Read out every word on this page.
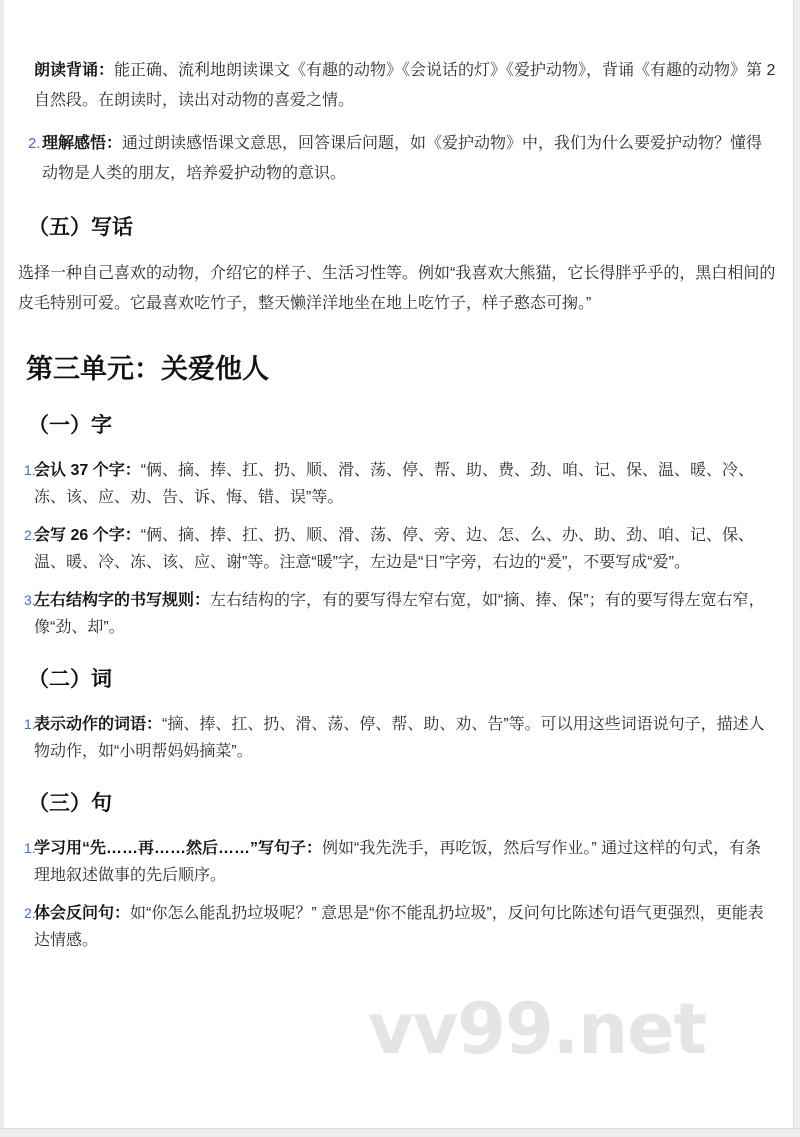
朗读背诵：能正确、流利地朗读课文《有趣的动物》《会说话的灯》《爱护动物》，背诵《有趣的动物》第 2 自然段。在朗读时，读出对动物的喜爱之情。

2. 理解感悟：通过朗读感悟课文意思，回答课后问题，如《爱护动物》中，我们为什么要爱护动物？懂得动物是人类的朋友，培养爱护动物的意识。

（五）写话

选择一种自己喜欢的动物，介绍它的样子、生活习性等。例如“我喜欢大熊猫，它长得胖乎乎的，黑白相间的皮毛特别可爱。它最喜欢吃竹子，整天懒洋洋地坐在地上吃竹子，样子憨态可掬。”

第三单元：关爱他人
（一）字
1.

会认 37 个字：“俩、摘、捧、扛、扔、顺、滑、荡、停、帮、助、费、劲、咱、记、保、温、暖、冷、冻、该、应、劝、告、诉、悔、错、误”等。

2.

会写 26 个字：“俩、摘、捧、扛、扔、顺、滑、荡、停、旁、边、怎、么、办、助、劲、咱、记、保、温、暖、冷、冻、该、应、谢”等。注意“暖”字，左边是“日”字旁，右边的“爰”，不要写成“爱”。

3.

左右结构字的书写规则：左右结构的字，有的要写得左窄右宽，如“摘、捧、保”；有的要写得左宽右窄，像“劲、却”。

（二）词
1.

表示动作的词语：“摘、捧、扛、扔、滑、荡、停、帮、助、劝、告”等。可以用这些词语说句子，描述人物动作，如“小明帮妈妈摘菜”。

（三）句
1.

学习用“先……再……然后……”写句子：例如“我先洗手，再吃饭，然后写作业。” 通过这样的句式，有条理地叙述做事的先后顺序。

2.

体会反问句：如“你怎么能乱扔垃圾呢？” 意思是“你不能乱扔垃圾”，反问句比陈述句语气更强烈，更能表达情感。

vv99.net
